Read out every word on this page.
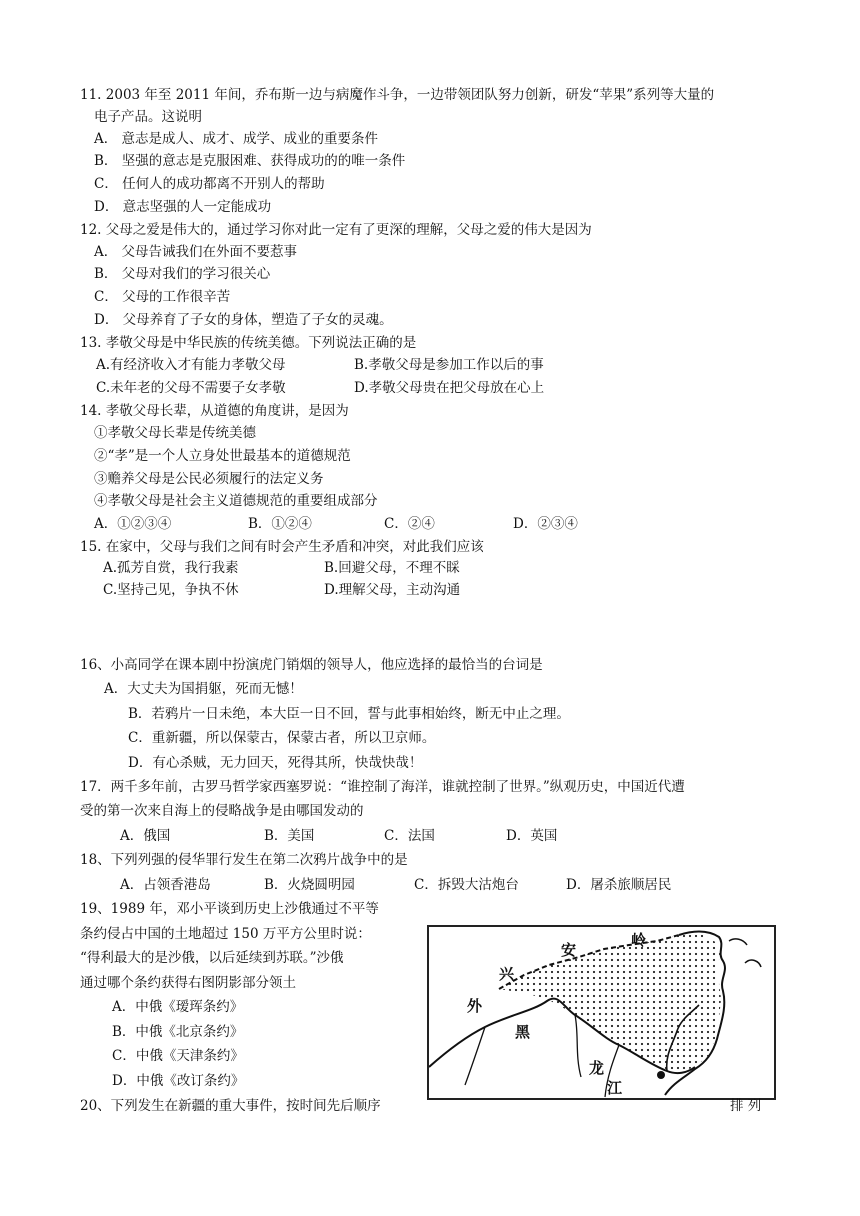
11. 2003 年至 2011 年间，乔布斯一边与病魔作斗争，一边带领团队努力创新，研发“苹果”系列等大量的
电子产品。这说明
A． 意志是成人、成才、成学、成业的重要条件
B． 坚强的意志是克服困难、获得成功的的唯一条件
C． 任何人的成功都离不开别人的帮助
D． 意志坚强的人一定能成功
12. 父母之爱是伟大的，通过学习你对此一定有了更深的理解，父母之爱的伟大是因为
A． 父母告诫我们在外面不要惹事
B． 父母对我们的学习很关心
C． 父母的工作很辛苦
D． 父母养育了子女的身体，塑造了子女的灵魂。
13. 孝敬父母是中华民族的传统美德。下列说法正确的是
A.有经济收入才有能力孝敬父母	B.孝敬父母是参加工作以后的事
C.未年老的父母不需要子女孝敬	D.孝敬父母贵在把父母放在心上
14. 孝敬父母长辈，从道德的角度讲，是因为
①孝敬父母长辈是传统美德
②“孝”是一个人立身处世最基本的道德规范
③赡养父母是公民必须履行的法定义务
④孝敬父母是社会主义道德规范的重要组成部分
A．①②③④	B．①②④	C．②④	D．②③④
15. 在家中，父母与我们之间有时会产生矛盾和冲突，对此我们应该
A.孤芳自赏，我行我素	B.回避父母，不理不睬
C.坚持己见，争执不休	D.理解父母，主动沟通
16、小高同学在课本剧中扮演虎门销烟的领导人，他应选择的最恰当的台词是
A．大丈夫为国捐躯，死而无憾！
B．若鸦片一日未绝，本大臣一日不回，誓与此事相始终，断无中止之理。
C．重新疆，所以保蒙古，保蒙古者，所以卫京师。
D．有心杀贼，无力回天，死得其所，快哉快哉！
17．两千多年前，古罗马哲学家西塞罗说：“谁控制了海洋，谁就控制了世界。”纵观历史，中国近代遭
受的第一次来自海上的侵略战争是由哪国发动的
A．俄国	B．美国	C．法国	D．英国
18、下列列强的侵华罪行发生在第二次鸦片战争中的是
A．占领香港岛	B．火烧圆明园	C．拆毁大沽炮台	D．屠杀旅顺居民
19、1989 年，邓小平谈到历史上沙俄通过不平等
条约侵占中国的土地超过 150 万平方公里时说：
“得利最大的是沙俄，以后延续到苏联。”沙俄
通过哪个条约获得右图阴影部分领土
A．中俄《瑷珲条约》
B．中俄《北京条约》
C．中俄《天津条约》
D．中俄《改订条约》
外
兴
安
岭
黑
龙
江
20、下列发生在新疆的重大事件，按时间先后顺序	排 列
